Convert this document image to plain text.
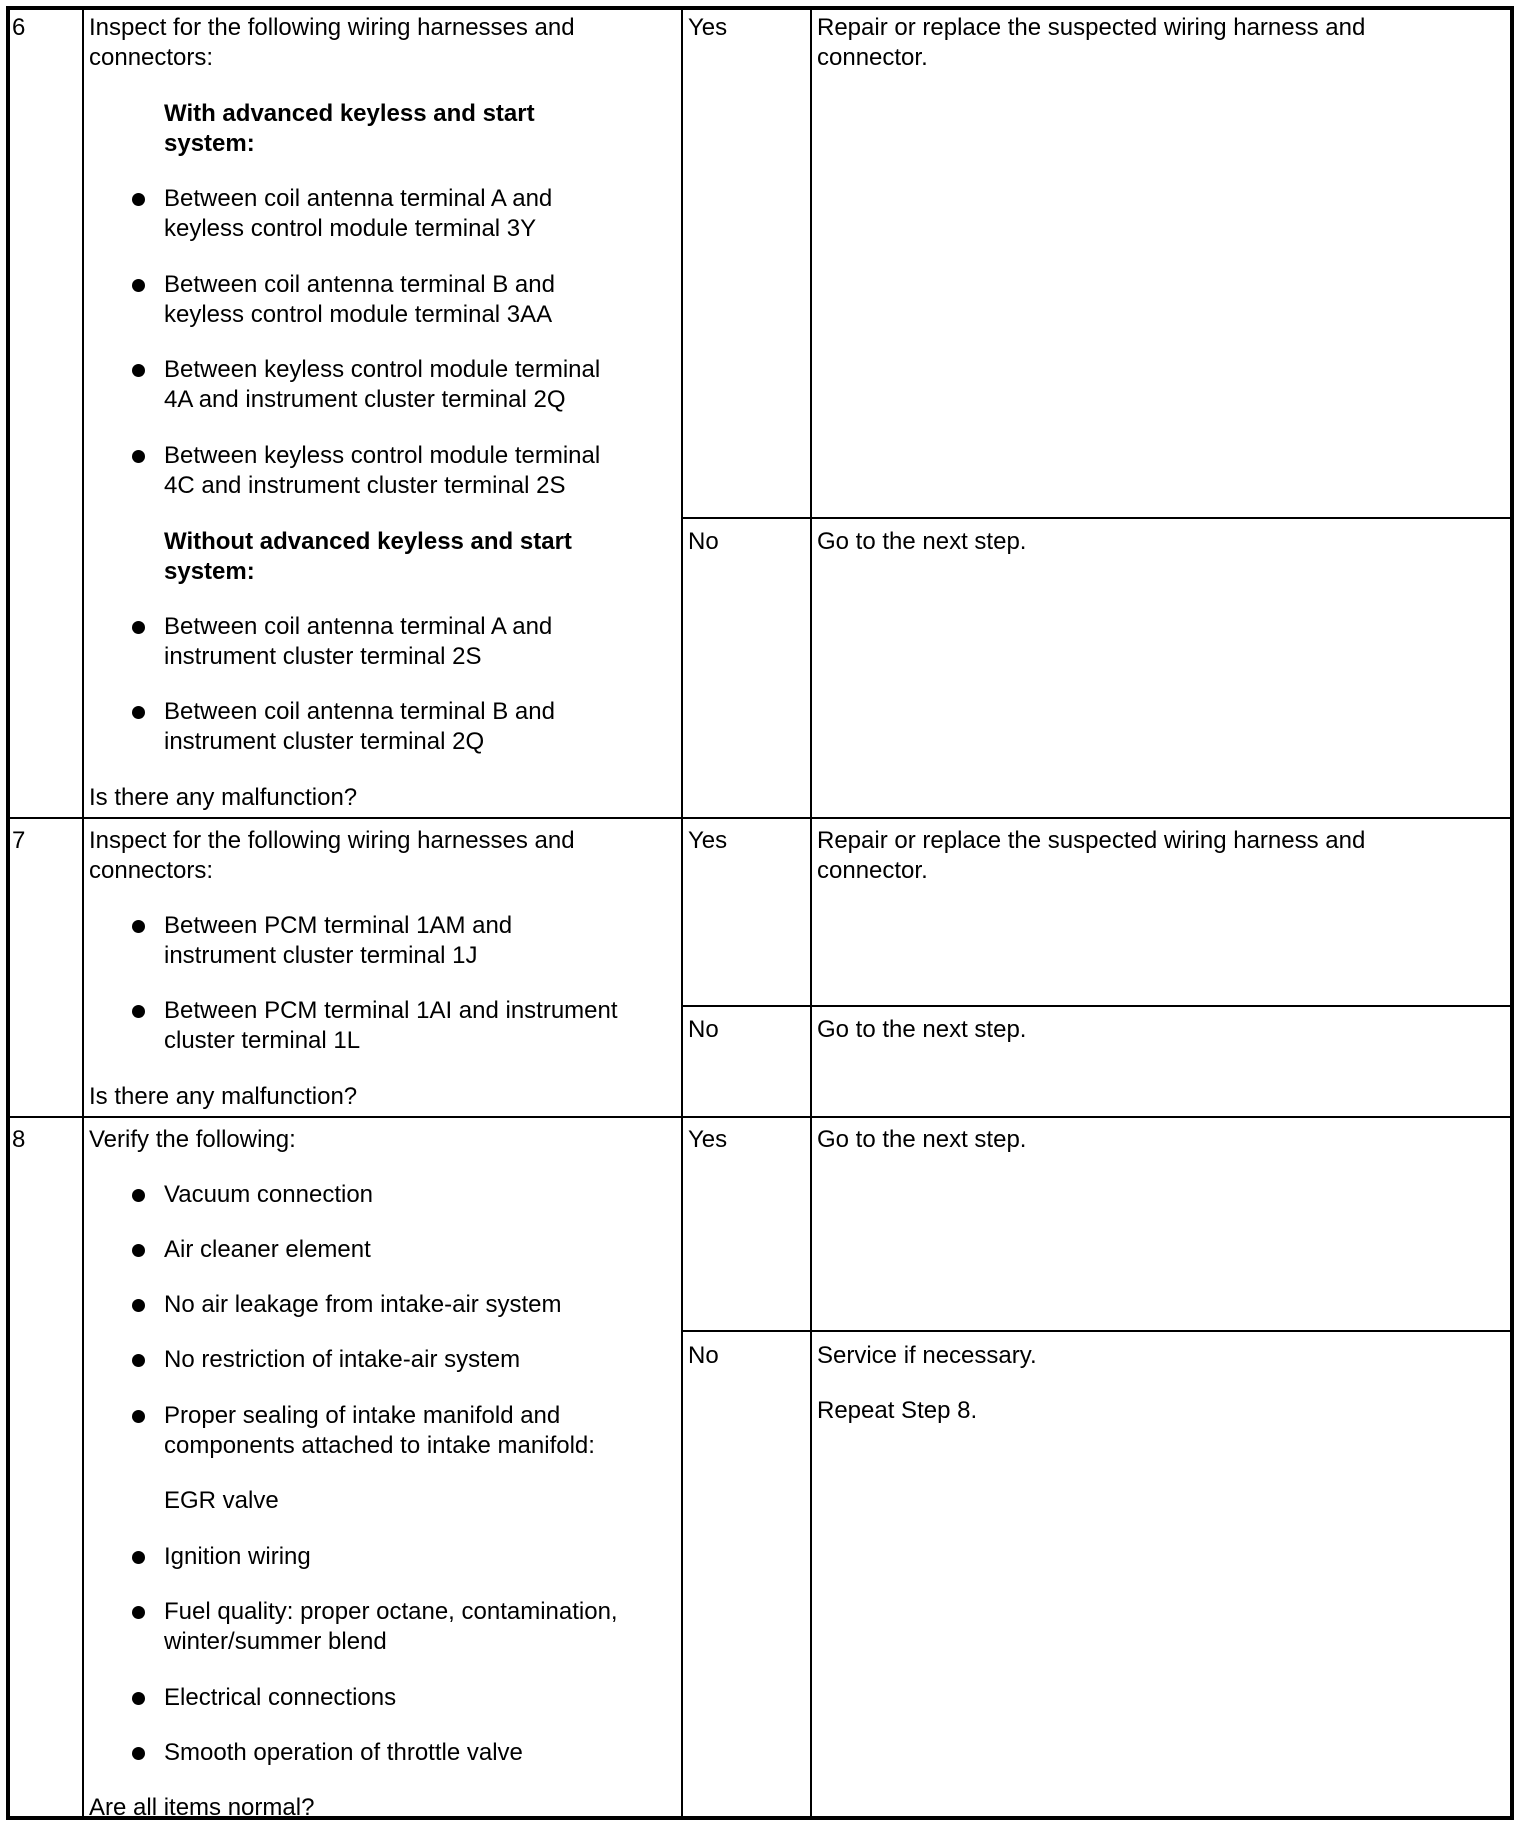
6	Inspect for the following wiring harnesses and
connectors:
With advanced keyless and start
system:
Between coil antenna terminal A and
keyless control module terminal 3Y
Between coil antenna terminal B and
keyless control module terminal 3AA
Between keyless control module terminal
4A and instrument cluster terminal 2Q
Between keyless control module terminal
4C and instrument cluster terminal 2S
Without advanced keyless and start
system:
Between coil antenna terminal A and
instrument cluster terminal 2S
Between coil antenna terminal B and
instrument cluster terminal 2Q
Is there any malfunction?
Yes	Repair or replace the suspected wiring harness and
connector.
No	Go to the next step.
7	Inspect for the following wiring harnesses and
connectors:
Between PCM terminal 1AM and
instrument cluster terminal 1J
Between PCM terminal 1AI and instrument
cluster terminal 1L
Is there any malfunction?
Yes	Repair or replace the suspected wiring harness and
connector.
No	Go to the next step.
8	Verify the following:
Vacuum connection
Air cleaner element
No air leakage from intake-air system
No restriction of intake-air system
Proper sealing of intake manifold and
components attached to intake manifold:
EGR valve
Ignition wiring
Fuel quality: proper octane, contamination,
winter/summer blend
Electrical connections
Smooth operation of throttle valve
Are all items normal?
Yes	Go to the next step.
No	Service if necessary.
Repeat Step 8.
